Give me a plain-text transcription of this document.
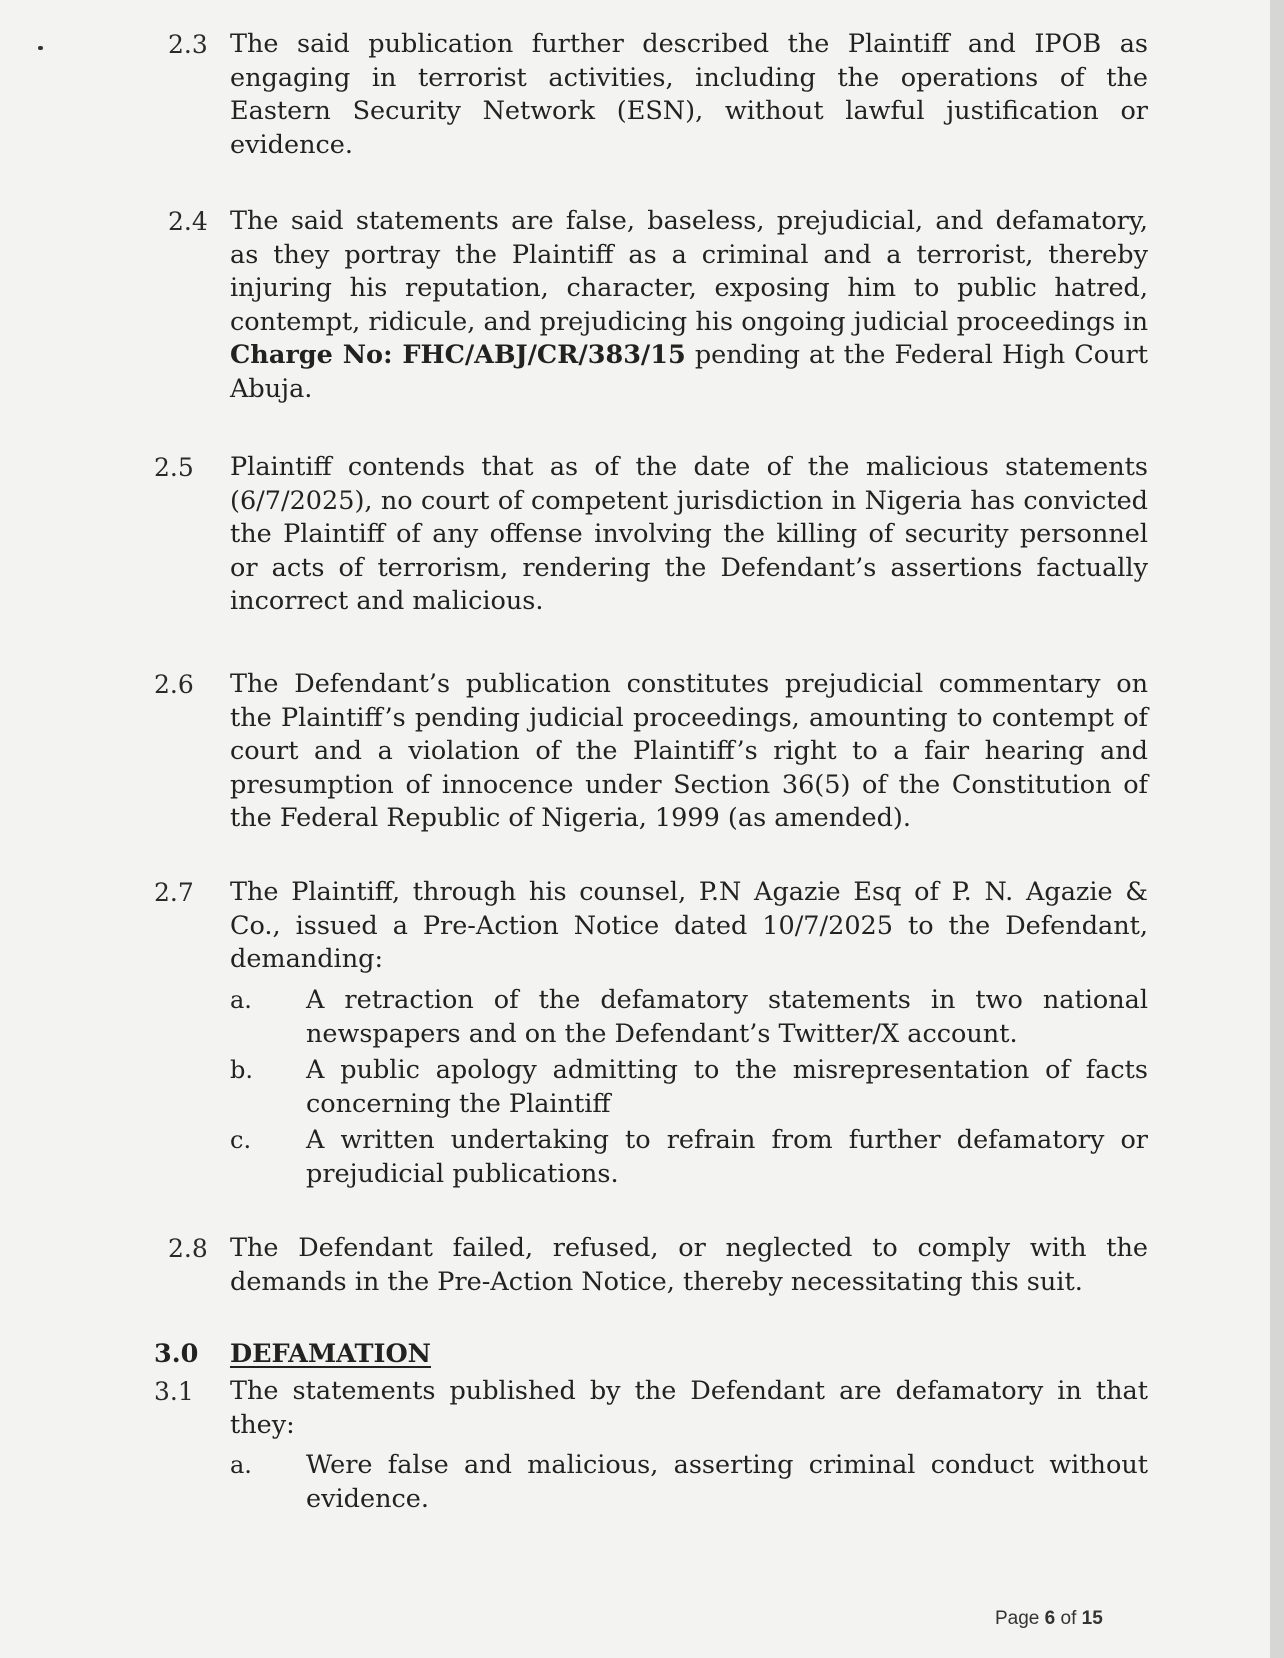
2.3 The said publication further described the Plaintiff and IPOB as engaging in terrorist activities, including the operations of the Eastern Security Network (ESN), without lawful justification or evidence.
2.4 The said statements are false, baseless, prejudicial, and defamatory, as they portray the Plaintiff as a criminal and a terrorist, thereby injuring his reputation, character, exposing him to public hatred, contempt, ridicule, and prejudicing his ongoing judicial proceedings in Charge No: FHC/ABJ/CR/383/15 pending at the Federal High Court Abuja.
2.5 Plaintiff contends that as of the date of the malicious statements (6/7/2025), no court of competent jurisdiction in Nigeria has convicted the Plaintiff of any offense involving the killing of security personnel or acts of terrorism, rendering the Defendant’s assertions factually incorrect and malicious.
2.6 The Defendant’s publication constitutes prejudicial commentary on the Plaintiff’s pending judicial proceedings, amounting to contempt of court and a violation of the Plaintiff’s right to a fair hearing and presumption of innocence under Section 36(5) of the Constitution of the Federal Republic of Nigeria, 1999 (as amended).
2.7 The Plaintiff, through his counsel, P.N Agazie Esq of P. N. Agazie & Co., issued a Pre-Action Notice dated 10/7/2025 to the Defendant, demanding:
a. A retraction of the defamatory statements in two national newspapers and on the Defendant’s Twitter/X account.
b. A public apology admitting to the misrepresentation of facts concerning the Plaintiff
c. A written undertaking to refrain from further defamatory or prejudicial publications.
2.8 The Defendant failed, refused, or neglected to comply with the demands in the Pre-Action Notice, thereby necessitating this suit.
3.0 DEFAMATION
3.1 The statements published by the Defendant are defamatory in that they:
a. Were false and malicious, asserting criminal conduct without evidence.
Page 6 of 15
